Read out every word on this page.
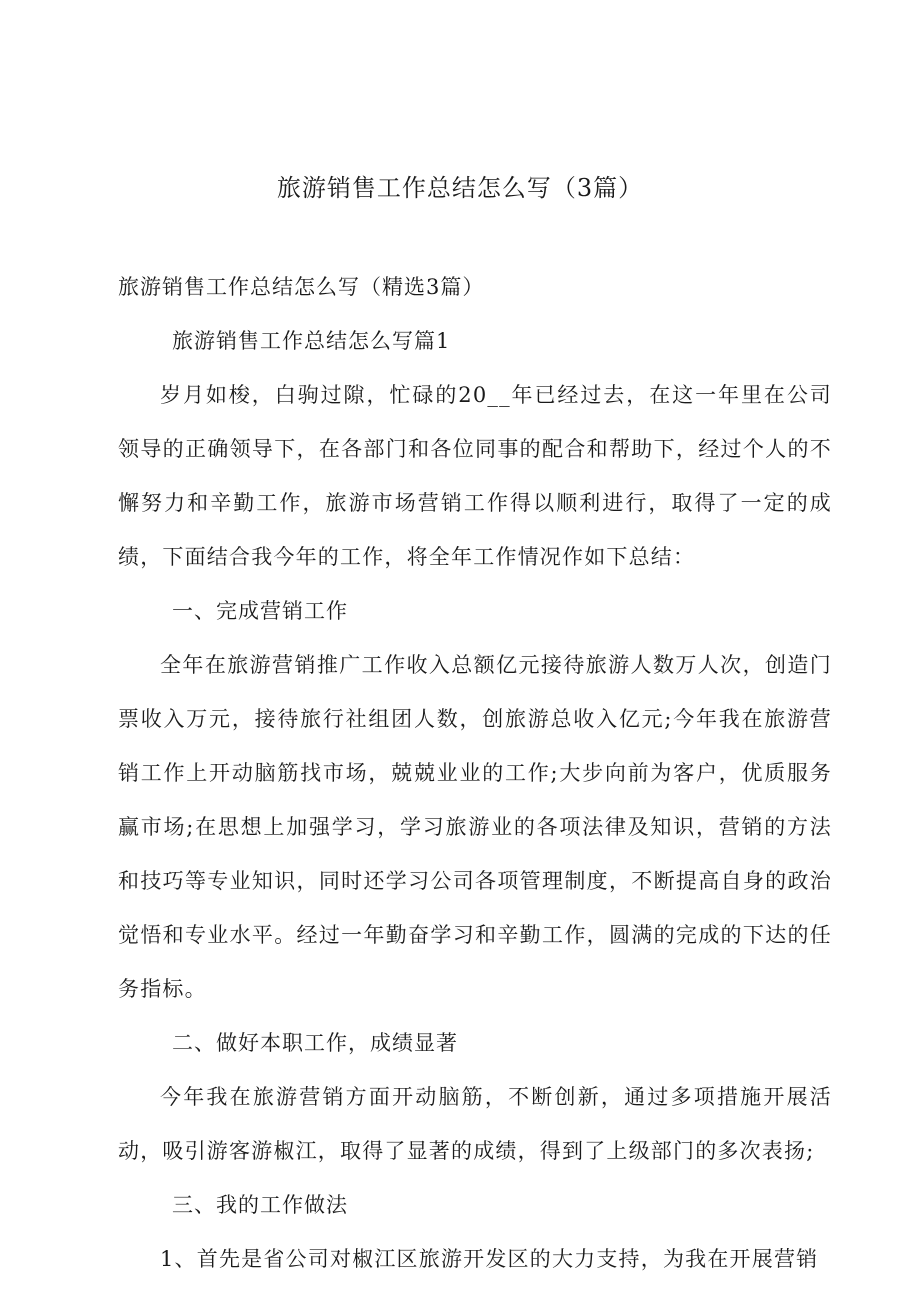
旅游销售工作总结怎么写（3篇）
旅游销售工作总结怎么写（精选3篇）
旅游销售工作总结怎么写篇1
岁月如梭，白驹过隙，忙碌的20__年已经过去，在这一年里在公司领导的正确领导下，在各部门和各位同事的配合和帮助下，经过个人的不懈努力和辛勤工作，旅游市场营销工作得以顺利进行，取得了一定的成绩，下面结合我今年的工作，将全年工作情况作如下总结：
一、完成营销工作
全年在旅游营销推广工作收入总额亿元接待旅游人数万人次，创造门票收入万元，接待旅行社组团人数，创旅游总收入亿元;今年我在旅游营销工作上开动脑筋找市场，兢兢业业的工作;大步向前为客户，优质服务赢市场;在思想上加强学习，学习旅游业的各项法律及知识，营销的方法和技巧等专业知识，同时还学习公司各项管理制度，不断提高自身的政治觉悟和专业水平。经过一年勤奋学习和辛勤工作，圆满的完成的下达的任务指标。
二、做好本职工作，成绩显著
今年我在旅游营销方面开动脑筋，不断创新，通过多项措施开展活动，吸引游客游椒江，取得了显著的成绩，得到了上级部门的多次表扬;
三、我的工作做法
1、首先是省公司对椒江区旅游开发区的大力支持，为我在开展营销
